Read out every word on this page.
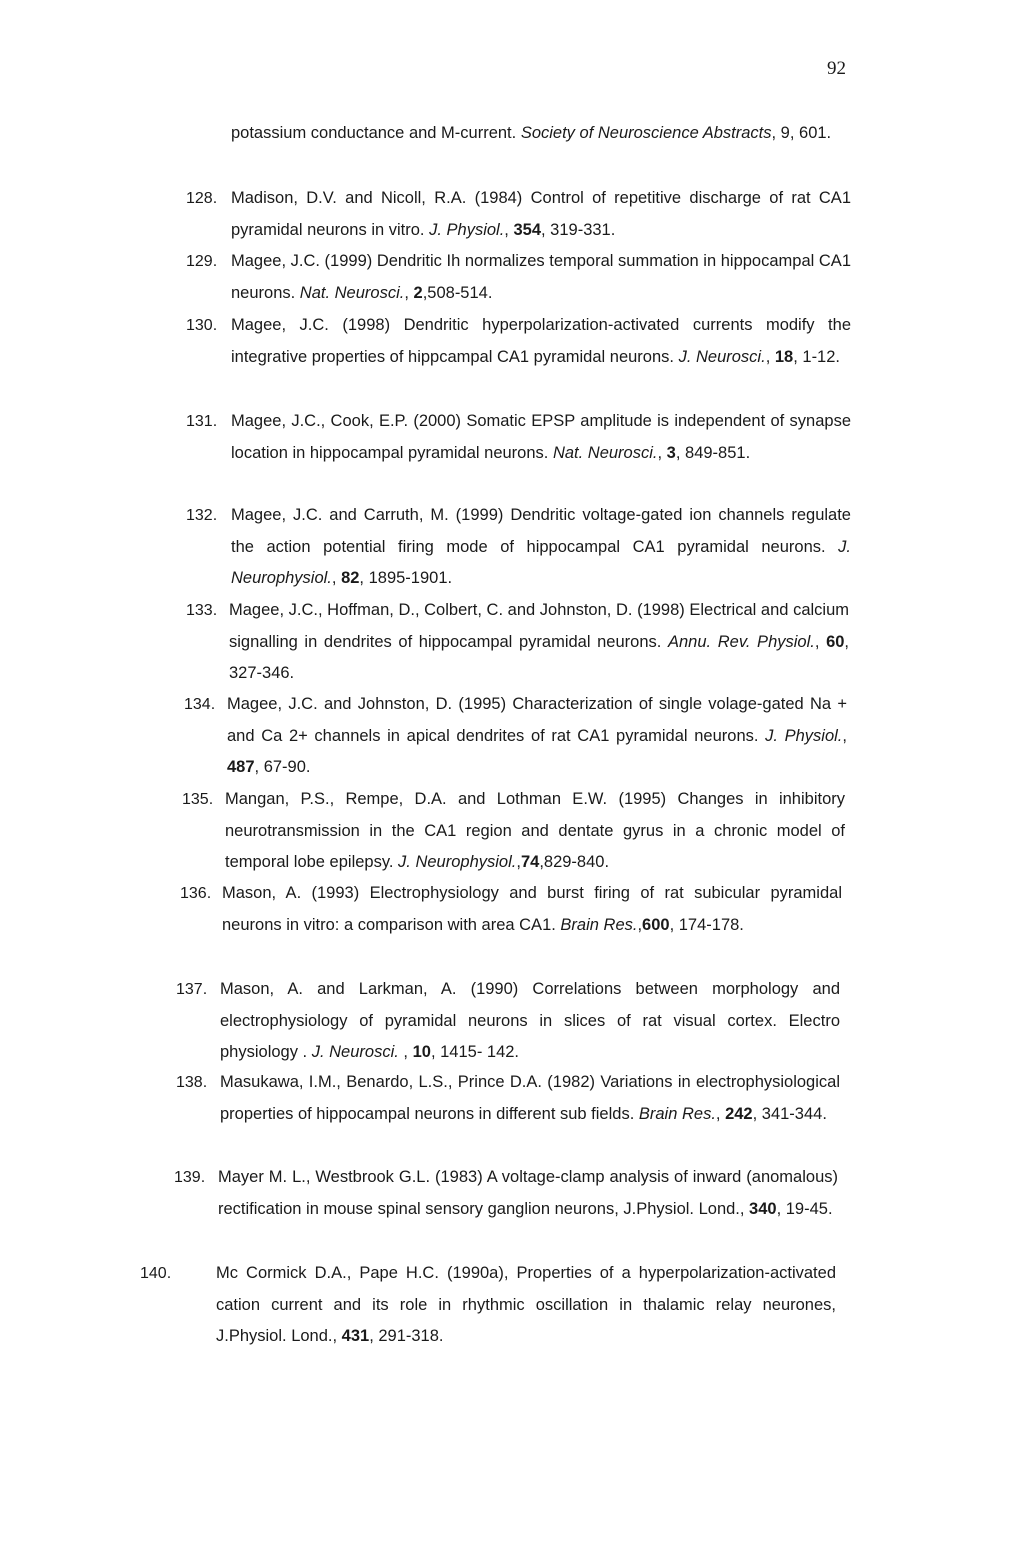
92
potassium conductance and M-current. Society of Neuroscience Abstracts, 9, 601.
128. Madison, D.V. and Nicoll, R.A. (1984) Control of repetitive discharge of rat CA1 pyramidal neurons in vitro. J. Physiol., 354, 319-331.
129. Magee, J.C. (1999) Dendritic Ih normalizes temporal summation in hippocampal CA1 neurons. Nat. Neurosci., 2,508-514.
130. Magee, J.C. (1998) Dendritic hyperpolarization-activated currents modify the integrative properties of hippcampal CA1 pyramidal neurons. J. Neurosci., 18, 1-12.
131. Magee, J.C., Cook, E.P. (2000) Somatic EPSP amplitude is independent of synapse location in hippocampal pyramidal neurons. Nat. Neurosci., 3, 849-851.
132. Magee, J.C. and Carruth, M. (1999) Dendritic voltage-gated ion channels regulate the action potential firing mode of hippocampal CA1 pyramidal neurons. J. Neurophysiol., 82, 1895-1901.
133. Magee, J.C., Hoffman, D., Colbert, C. and Johnston, D. (1998) Electrical and calcium signalling in dendrites of hippocampal pyramidal neurons. Annu. Rev. Physiol., 60, 327-346.
134. Magee, J.C. and Johnston, D. (1995) Characterization of single volage-gated Na + and Ca 2+ channels in apical dendrites of rat CA1 pyramidal neurons. J. Physiol., 487, 67-90.
135. Mangan, P.S., Rempe, D.A. and Lothman E.W. (1995) Changes in inhibitory neurotransmission in the CA1 region and dentate gyrus in a chronic model of temporal lobe epilepsy. J. Neurophysiol.,74,829-840.
136. Mason, A. (1993) Electrophysiology and burst firing of rat subicular pyramidal neurons in vitro: a comparison with area CA1. Brain Res.,600, 174-178.
137. Mason, A. and Larkman, A. (1990) Correlations between morphology and electrophysiology of pyramidal neurons in slices of rat visual cortex. Electro physiology . J. Neurosci. , 10, 1415- 142.
138. Masukawa, I.M., Benardo, L.S., Prince D.A. (1982) Variations in electrophysiological properties of hippocampal neurons in different sub fields. Brain Res., 242, 341-344.
139. Mayer M. L., Westbrook G.L. (1983) A voltage-clamp analysis of inward (anomalous) rectification in mouse spinal sensory ganglion neurons, J.Physiol. Lond., 340, 19-45.
140.	Mc Cormick D.A., Pape H.C. (1990a), Properties of a hyperpolarization-activated cation current and its role in rhythmic oscillation in thalamic relay neurones, J.Physiol. Lond., 431, 291-318.
